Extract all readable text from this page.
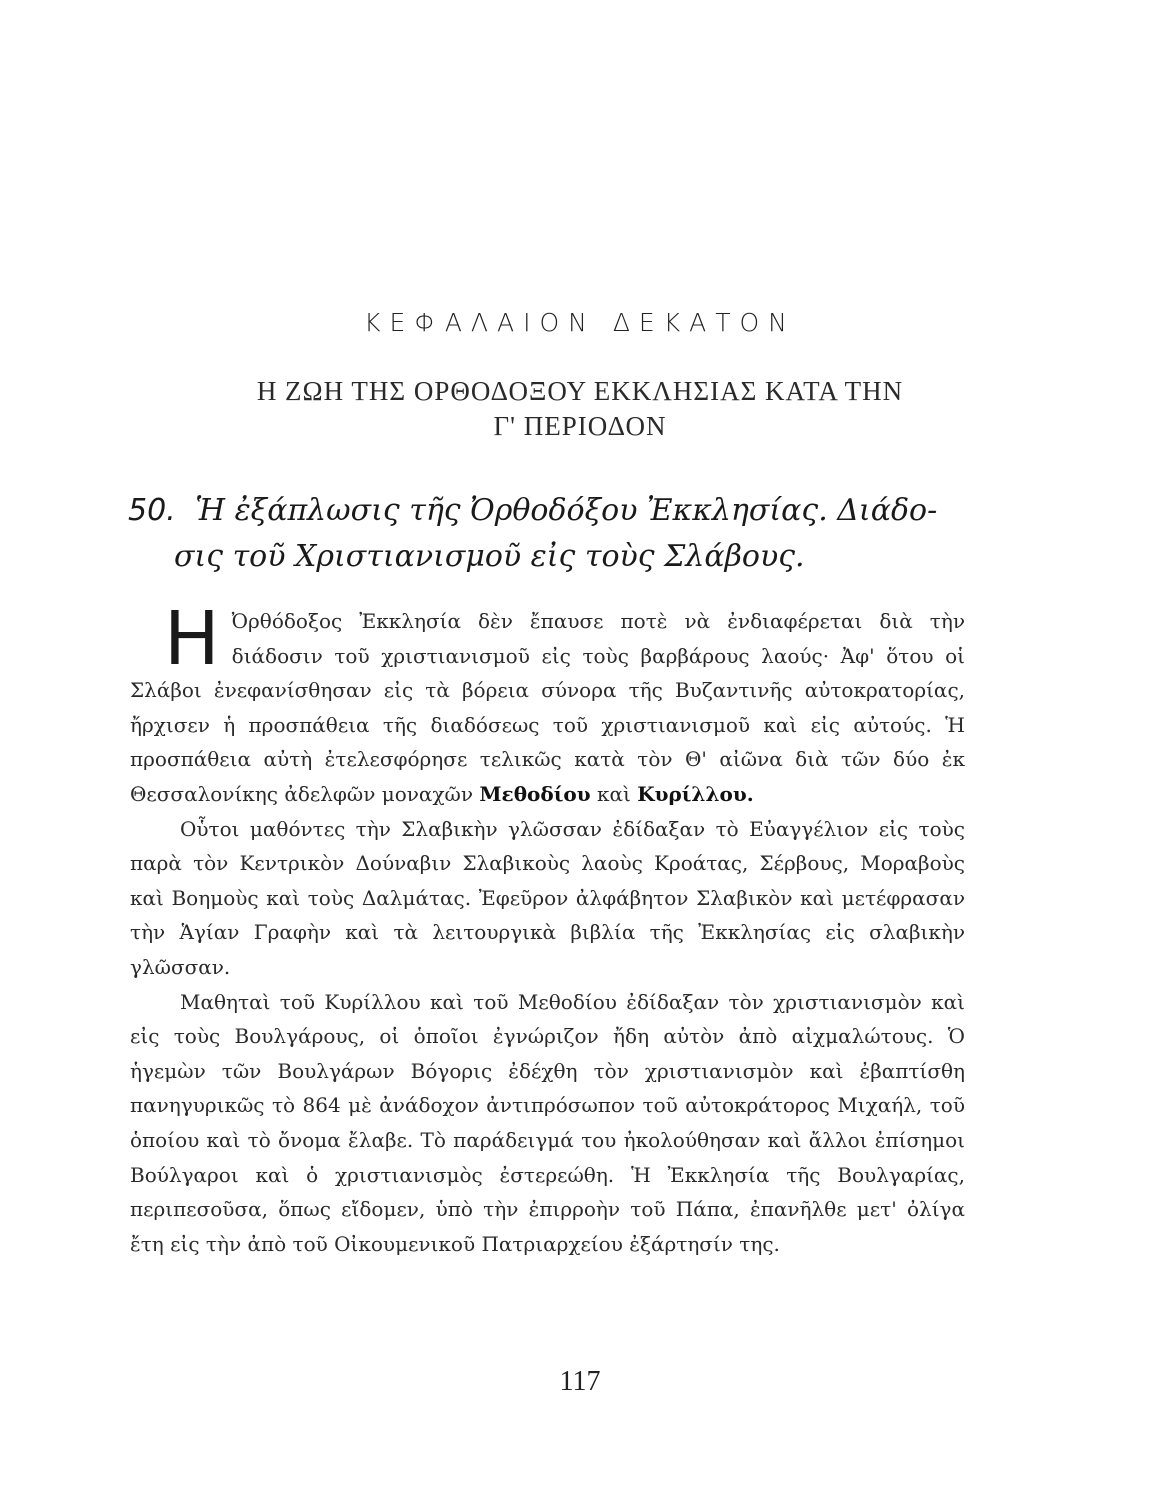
ΚΕΦΑΛΑΙΟΝ ΔΕΚΑΤΟΝ
Η ΖΩΗ ΤΗΣ ΟΡΘΟΔΟΞΟΥ ΕΚΚΛΗΣΙΑΣ ΚΑΤΑ ΤΗΝ
Γ' ΠΕΡΙΟΔΟΝ
50. Ἡ ἐξάπλωσις τῆς Ὀρθοδόξου Ἐκκλησίας. Διάδο-
σις τοῦ Χριστιανισμοῦ εἰς τοὺς Σλάβους.

Η Ὀρθόδοξος Ἐκκλησία δὲν ἔπαυσε ποτὲ νὰ ἐνδιαφέρεται διὰ τὴν διάδοσιν τοῦ χριστιανισμοῦ εἰς τοὺς βαρβάρους λαούς· Ἀφ' ὅτου οἱ Σλάβοι ἐνεφανίσθησαν εἰς τὰ βόρεια σύνορα τῆς Βυζαντινῆς αὐτοκρατορίας, ἤρχισεν ἡ προσπάθεια τῆς διαδόσεως τοῦ χριστιανισμοῦ καὶ εἰς αὐτούς. Ἡ προσπάθεια αὐτὴ ἐτελεσφόρησε τελικῶς κατὰ τὸν Θ' αἰῶνα διὰ τῶν δύο ἐκ Θεσσαλονίκης ἀδελφῶν μοναχῶν Μεθοδίου καὶ Κυρίλλου.

Οὗτοι μαθόντες τὴν Σλαβικὴν γλῶσσαν ἐδίδαξαν τὸ Εὐαγγέλιον εἰς τοὺς παρὰ τὸν Κεντρικὸν Δούναβιν Σλαβικοὺς λαοὺς Κροάτας, Σέρβους, Μοραβοὺς καὶ Βοημοὺς καὶ τοὺς Δαλμάτας. Ἐφεῦρον ἀλφάβητον Σλαβικὸν καὶ μετέφρασαν τὴν Ἁγίαν Γραφὴν καὶ τὰ λειτουργικὰ βιβλία τῆς Ἐκκλησίας εἰς σλαβικὴν γλῶσσαν.

Μαθηταὶ τοῦ Κυρίλλου καὶ τοῦ Μεθοδίου ἐδίδαξαν τὸν χριστιανισμὸν καὶ εἰς τοὺς Βουλγάρους, οἱ ὁποῖοι ἐγνώριζον ἤδη αὐτὸν ἀπὸ αἰχμαλώτους. Ὁ ἡγεμὼν τῶν Βουλγάρων Βόγορις ἐδέχθη τὸν χριστιανισμὸν καὶ ἐβαπτίσθη πανηγυρικῶς τὸ 864 μὲ ἀνάδοχον ἀντιπρόσωπον τοῦ αὐτοκράτορος Μιχαήλ, τοῦ ὁποίου καὶ τὸ ὄνομα ἔλαβε. Τὸ παράδειγμά του ἠκολούθησαν καὶ ἄλλοι ἐπίσημοι Βούλγαροι καὶ ὁ χριστιανισμὸς ἐστερεώθη. Ἡ Ἐκκλησία τῆς Βουλγαρίας, περιπεσοῦσα, ὅπως εἴδομεν, ὑπὸ τὴν ἐπιρροὴν τοῦ Πάπα, ἐπανῆλθε μετ' ὀλίγα ἔτη εἰς τὴν ἀπὸ τοῦ Οἰκουμενικοῦ Πατριαρχείου ἐξάρτησίν της.

117
